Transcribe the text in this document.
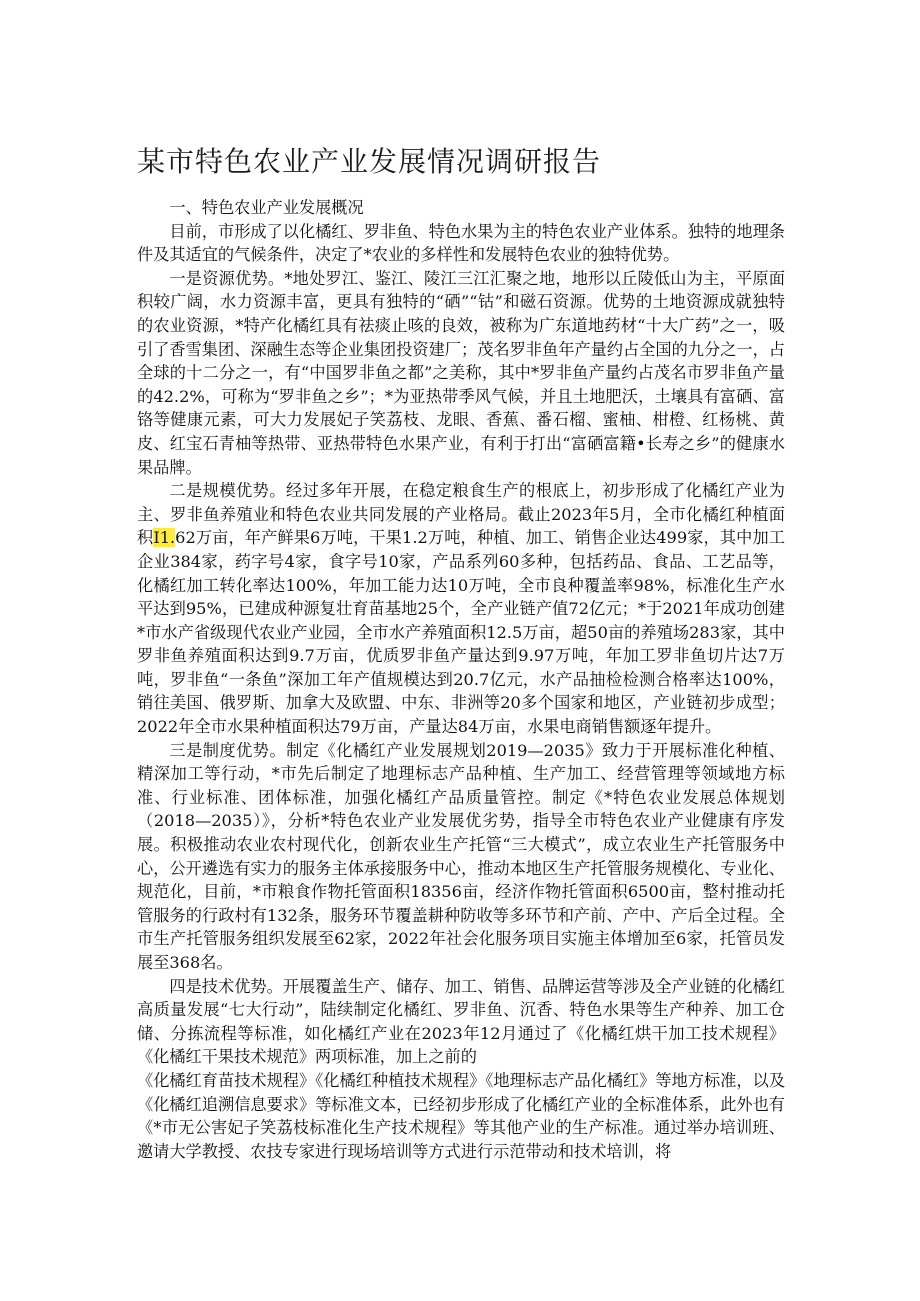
某市特色农业产业发展情况调研报告

一、特色农业产业发展概况

目前，市形成了以化橘红、罗非鱼、特色水果为主的特色农业产业体系。独特的地理条件及其适宜的气候条件，决定了*农业的多样性和发展特色农业的独特优势。

一是资源优势。*地处罗江、鉴江、陵江三江汇聚之地，地形以丘陵低山为主，平原面积较广阔，水力资源丰富，更具有独特的“硒”“钴”和磁石资源。优势的土地资源成就独特的农业资源，*特产化橘红具有祛痰止咳的良效，被称为广东道地药材“十大广药”之一，吸引了香雪集团、深融生态等企业集团投资建厂；茂名罗非鱼年产量约占全国的九分之一，占全球的十二分之一，有“中国罗非鱼之都”之美称，其中*罗非鱼产量约占茂名市罗非鱼产量的42.2%，可称为“罗非鱼之乡”；*为亚热带季风气候，并且土地肥沃，土壤具有富硒、富铬等健康元素，可大力发展妃子笑荔枝、龙眼、香蕉、番石榴、蜜柚、柑橙、红杨桃、黄皮、红宝石青柚等热带、亚热带特色水果产业，有利于打出“富硒富籍•长寿之乡”的健康水果品牌。

二是规模优势。经过多年开展，在稳定粮食生产的根底上，初步形成了化橘红产业为主、罗非鱼养殖业和特色农业共同发展的产业格局。截止2023年5月，全市化橘红种植面积I1.62万亩，年产鲜果6万吨，干果1.2万吨，种植、加工、销售企业达499家，其中加工企业384家，药字号4家，食字号10家，产品系列60多种，包括药品、食品、工艺品等，化橘红加工转化率达100%，年加工能力达10万吨，全市良种覆盖率98%，标准化生产水平达到95%，已建成种源复壮育苗基地25个，全产业链产值72亿元；*于2021年成功创建*市水产省级现代农业产业园，全市水产养殖面积12.5万亩，超50亩的养殖场283家，其中罗非鱼养殖面积达到9.7万亩，优质罗非鱼产量达到9.97万吨，年加工罗非鱼切片达7万吨，罗非鱼“一条鱼”深加工年产值规模达到20.7亿元，水产品抽检检测合格率达100%，销往美国、俄罗斯、加拿大及欧盟、中东、非洲等20多个国家和地区，产业链初步成型；2022年全市水果种植面积达79万亩，产量达84万亩，水果电商销售额逐年提升。

三是制度优势。制定《化橘红产业发展规划2019—2035》致力于开展标准化种植、精深加工等行动，*市先后制定了地理标志产品种植、生产加工、经营管理等领域地方标准、行业标准、团体标准，加强化橘红产品质量管控。制定《*特色农业发展总体规划（2018—2035）》，分析*特色农业产业发展优劣势，指导全市特色农业产业健康有序发展。积极推动农业农村现代化，创新农业生产托管“三大模式”，成立农业生产托管服务中心，公开遴选有实力的服务主体承接服务中心，推动本地区生产托管服务规模化、专业化、规范化，目前，*市粮食作物托管面积18356亩，经济作物托管面积6500亩，整村推动托管服务的行政村有132条，服务环节覆盖耕种防收等多环节和产前、产中、产后全过程。全市生产托管服务组织发展至62家，2022年社会化服务项目实施主体增加至6家，托管员发展至368名。

四是技术优势。开展覆盖生产、储存、加工、销售、品牌运营等涉及全产业链的化橘红高质量发展“七大行动”，陆续制定化橘红、罗非鱼、沉香、特色水果等生产种养、加工仓储、分拣流程等标准，如化橘红产业在2023年12月通过了《化橘红烘干加工技术规程》《化橘红干果技术规范》两项标准，加上之前的

《化橘红育苗技术规程》《化橘红种植技术规程》《地理标志产品化橘红》等地方标准，以及《化橘红追溯信息要求》等标准文本，已经初步形成了化橘红产业的全标准体系，此外也有《*市无公害妃子笑荔枝标准化生产技术规程》等其他产业的生产标准。通过举办培训班、邀请大学教授、农技专家进行现场培训等方式进行示范带动和技术培训，将
